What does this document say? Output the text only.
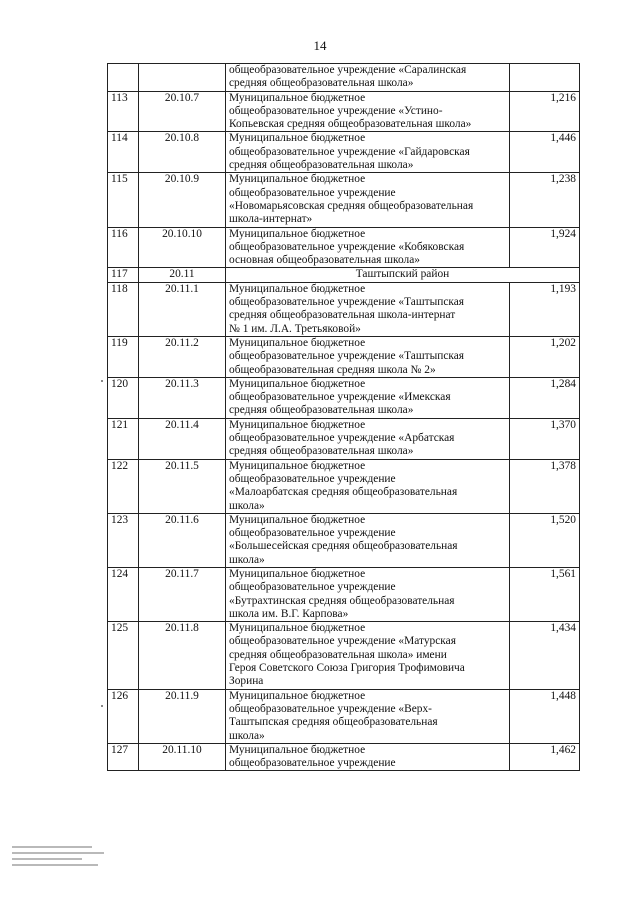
14

		общеобразовательное учреждение «Саралинская
средняя общеобразовательная школа»	

113	20.10.7	Муниципальное бюджетное
общеобразовательное учреждение «Устино-
Копьевская средняя общеобразовательная школа»	1,216
114	20.10.8	Муниципальное бюджетное
общеобразовательное учреждение «Гайдаровская
средняя общеобразовательная школа»	1,446
115	20.10.9	Муниципальное бюджетное
общеобразовательное учреждение
«Новомарьясовская средняя общеобразовательная
школа-интернат»	1,238
116	20.10.10	Муниципальное бюджетное
общеобразовательное учреждение «Кобяковская
основная общеобразовательная школа»	1,924
117	20.11	Таштыпский район	
118	20.11.1	Муниципальное бюджетное
общеобразовательное учреждение «Таштыпская
средняя общеобразовательная школа-интернат
№ 1 им. Л.А. Третьяковой»	1,193
119	20.11.2	Муниципальное бюджетное
общеобразовательное учреждение «Таштыпская
общеобразовательная средняя школа № 2»	1,202
120	20.11.3	Муниципальное бюджетное
общеобразовательное учреждение «Имекская
средняя общеобразовательная школа»	1,284
121	20.11.4	Муниципальное бюджетное
общеобразовательное учреждение «Арбатская
средняя общеобразовательная школа»	1,370
122	20.11.5	Муниципальное бюджетное
общеобразовательное учреждение
«Малоарбатская средняя общеобразовательная
школа»	1,378
123	20.11.6	Муниципальное бюджетное
общеобразовательное учреждение
«Большесейская средняя общеобразовательная
школа»	1,520
124	20.11.7	Муниципальное бюджетное
общеобразовательное учреждение
«Бутрахтинская средняя общеобразовательная
школа им. В.Г. Карпова»	1,561
125	20.11.8	Муниципальное бюджетное
общеобразовательное учреждение «Матурская
средняя общеобразовательная школа» имени
Героя Советского Союза Григория Трофимовича
Зорина	1,434
126	20.11.9	Муниципальное бюджетное
общеобразовательное учреждение «Верх-
Таштыпская средняя общеобразовательная
школа»	1,448
127	20.11.10	Муниципальное бюджетное
общеобразовательное учреждение	1,462
